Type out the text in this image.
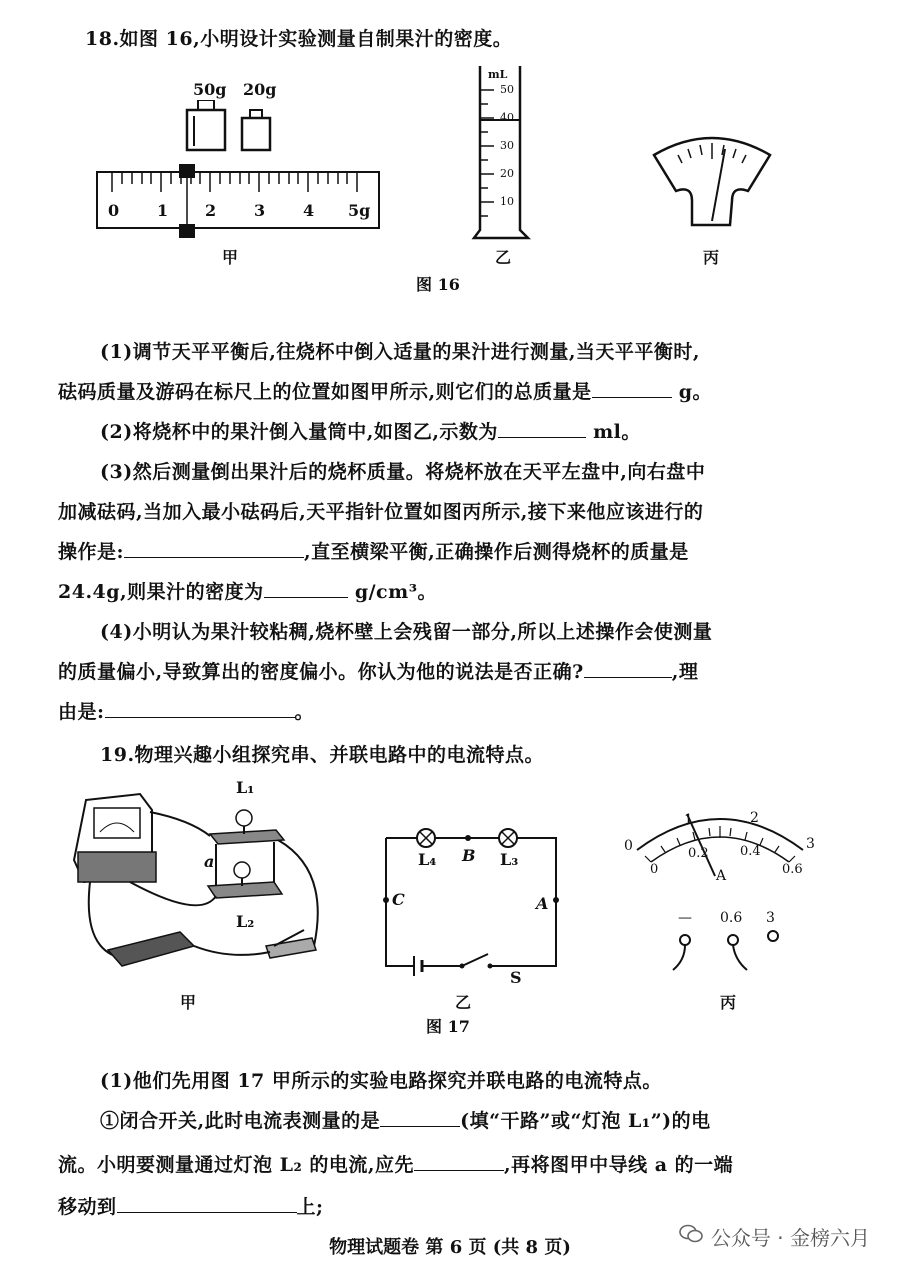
18.如图 16,小明设计实验测量自制果汁的密度。
50g 20g
0 1 2 3 4 5g
甲
mL
50
40
30
20
10
乙	丙
图 16
(1)调节天平平衡后,往烧杯中倒入适量的果汁进行测量,当天平平衡时,
砝码质量及游码在标尺上的位置如图甲所示,则它们的总质量是	g。
(2)将烧杯中的果汁倒入量筒中,如图乙,示数为	ml。
(3)然后测量倒出果汁后的烧杯质量。将烧杯放在天平左盘中,向右盘中
加减砝码,当加入最小砝码后,天平指针位置如图丙所示,接下来他应该进行的
操作是:	,直至横梁平衡,正确操作后测得烧杯的质量是
24.4g,则果汁的密度为	g/cm³。
(4)小明认为果汁较粘稠,烧杯壁上会残留一部分,所以上述操作会使测量
的质量偏小,导致算出的密度偏小。你认为他的说法是否正确?	,理
由是:	。
19.物理兴趣小组探究串、并联电路中的电流特点。
L₁
a
L₂
甲
L₄ B L₃
C	A
S
乙
0
1	2
3
0
0.2 0.4
0.6
A
— 0.6 3
丙
图 17
(1)他们先用图 17 甲所示的实验电路探究并联电路的电流特点。
①闭合开关,此时电流表测量的是	(填“干路”或“灯泡 L₁”)的电
流。小明要测量通过灯泡 L₂ 的电流,应先	,再将图甲中导线 a 的一端
移动到	上;
物理试题卷 第 6 页 (共 8 页)	公众号 · 金榜六月
